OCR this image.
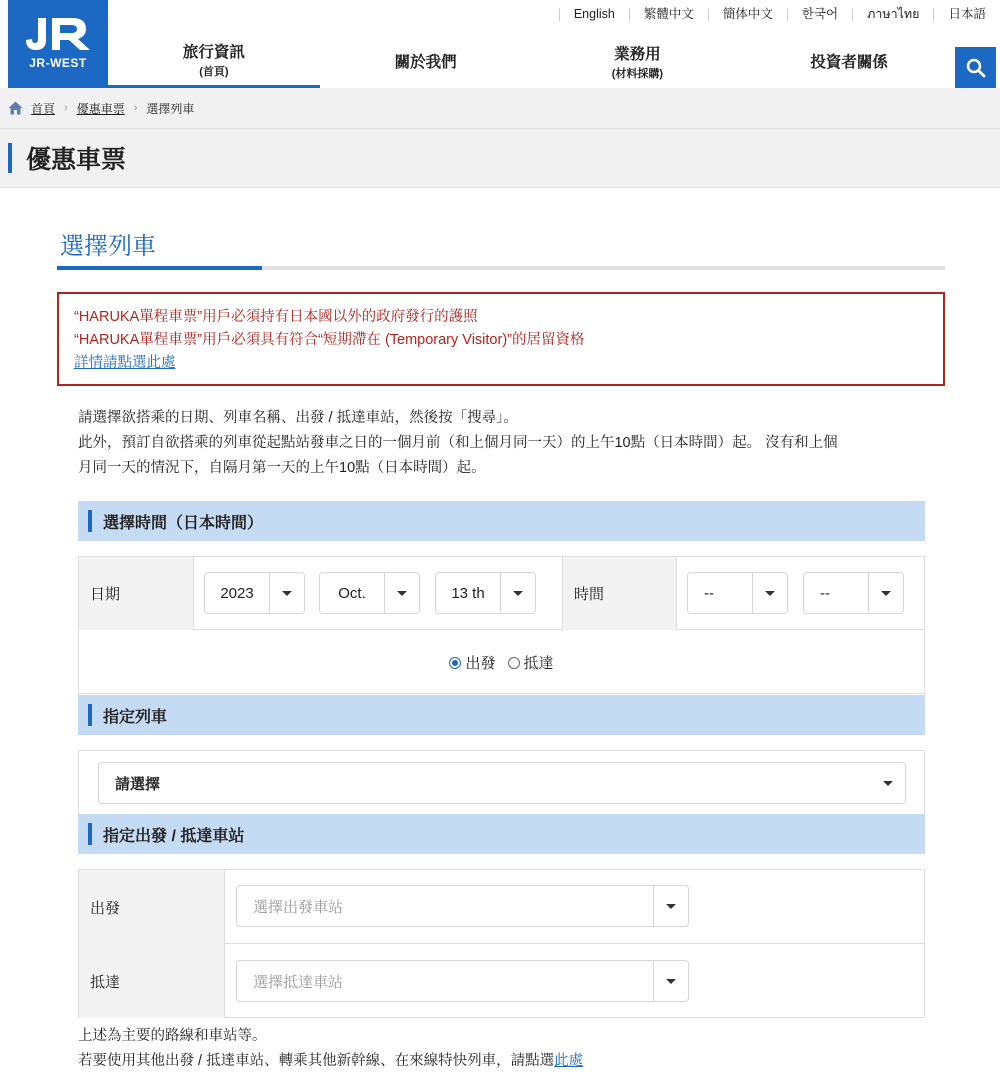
JR-WEST
English	繁體中文	簡体中文	한국어	ภาษาไทย	日本語
旅行資訊
(首頁)
關於我們	業務用
(材料採購)
投資者關係
首頁 › 優惠車票 › 選擇列車
優惠車票
選擇列車
“HARUKA單程車票”用戶必須持有日本國以外的政府發行的護照
“HARUKA單程車票”用戶必須具有符合“短期滯在 (Temporary Visitor)”的居留資格
詳情請點選此處
請選擇欲搭乘的日期、列車名稱、出發 / 抵達車站，然後按「搜尋」。
此外，預訂自欲搭乘的列車從起點站發車之日的一個月前（和上個月同一天）的上午10點（日本時間）起。 沒有和上個
月同一天的情況下，自隔月第一天的上午10點（日本時間）起。
選擇時間（日本時間）
日期	2023	Oct.	13 th	時間	--	--
出發 抵達
指定列車
請選擇
指定出發 / 抵達車站
出發	選擇出發車站
抵達	選擇抵達車站
上述為主要的路線和車站等。
若要使用其他出發 / 抵達車站、轉乘其他新幹線、在來線特快列車，請點選此處
